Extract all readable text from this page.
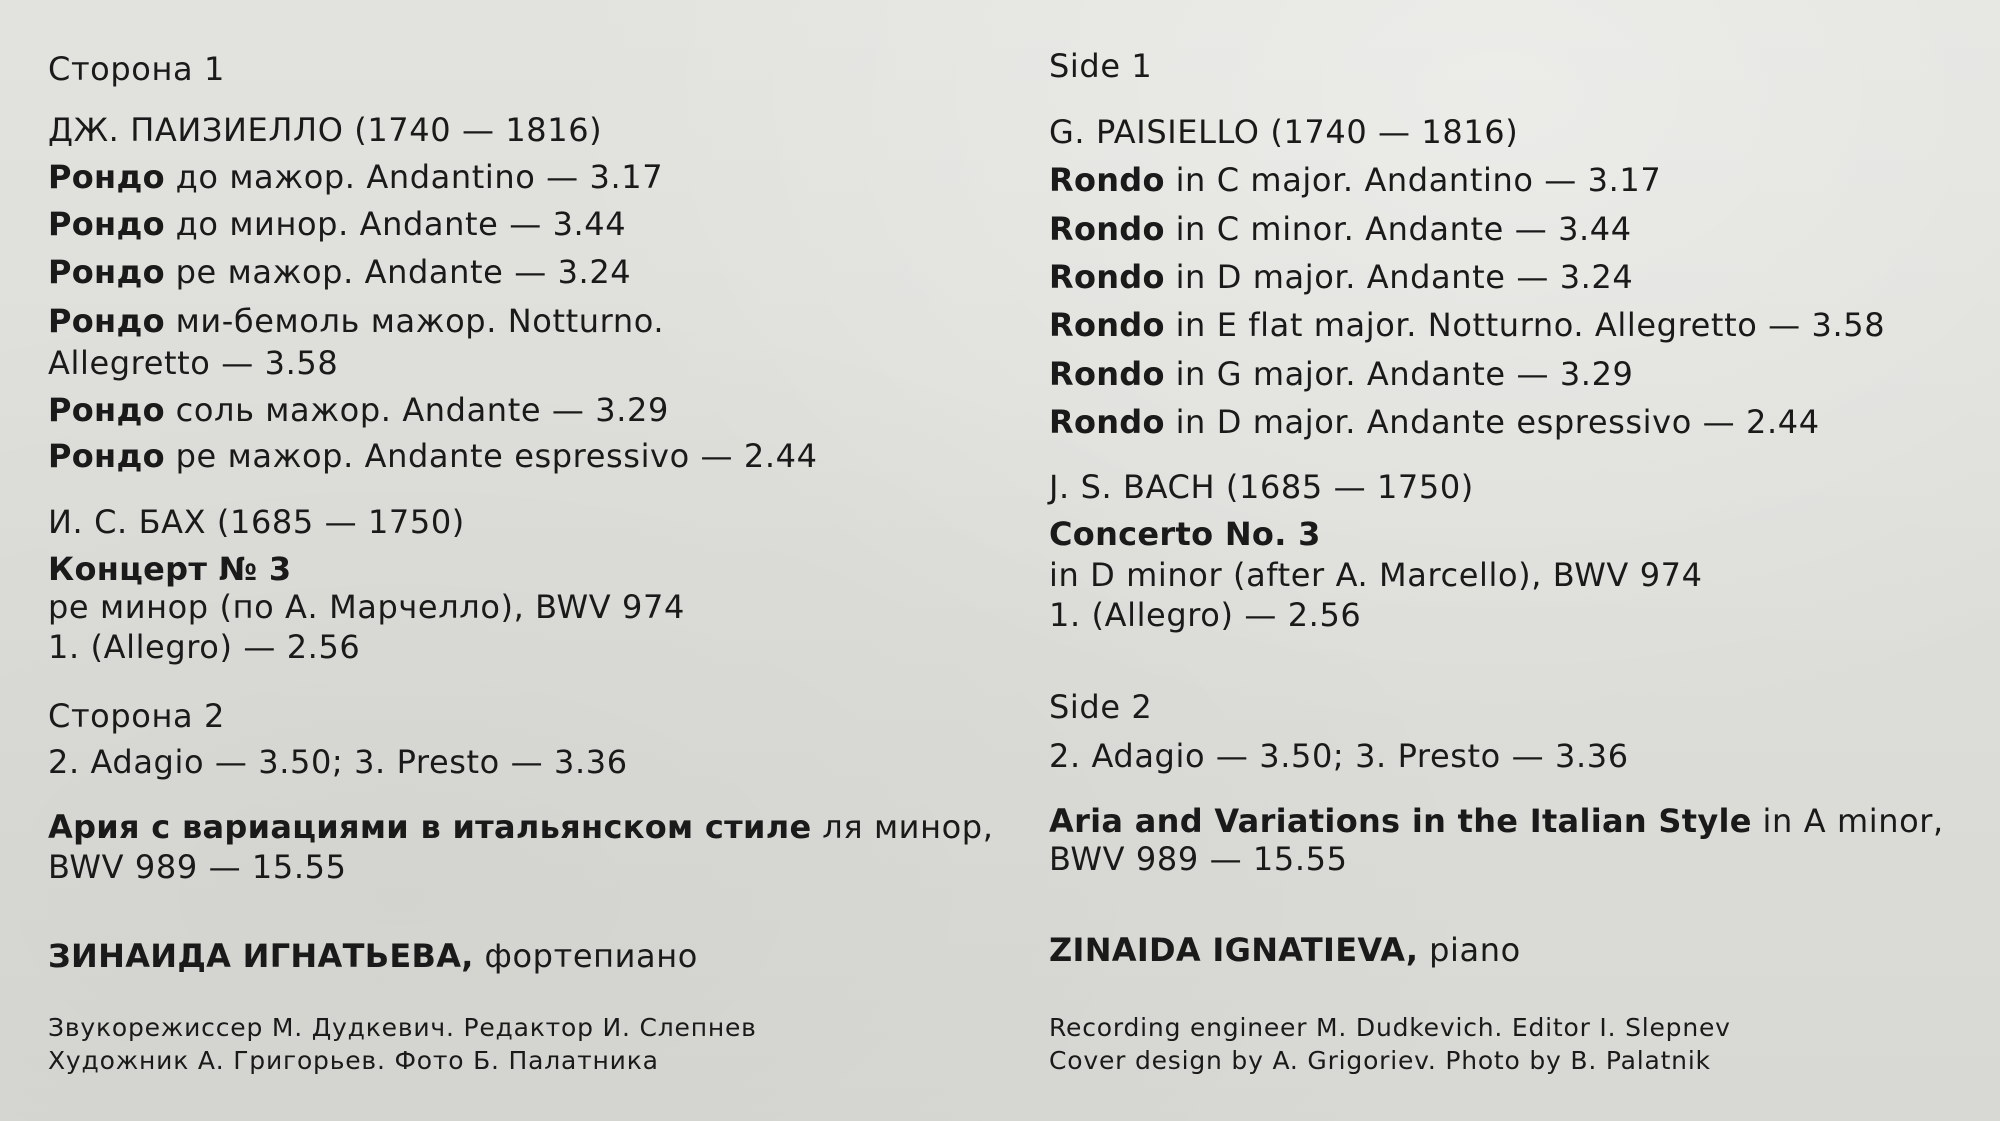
Сторона 1
ДЖ. ПАИЗИЕЛЛО (1740 — 1816)
Рондо до мажор. Andantino — 3.17
Рондо до минор. Andante — 3.44
Рондо ре мажор. Andante — 3.24
Рондо ми-бемоль мажор. Notturno.
Allegretto — 3.58
Рондо соль мажор. Andante — 3.29
Рондо ре мажор. Andante espressivo — 2.44
И. С. БАХ (1685 — 1750)
Концерт № 3
ре минор (по А. Марчелло), BWV 974
1. (Allegro) — 2.56
Сторона 2
2. Adagio — 3.50; 3. Presto — 3.36
Ария с вариациями в итальянском стиле ля минор,
BWV 989 — 15.55
ЗИНАИДА ИГНАТЬЕВА, фортепиано
Звукорежиссер М. Дудкевич. Редактор И. Слепнев
Художник А. Григорьев. Фото Б. Палатника
Side 1
G. PAISIELLO (1740 — 1816)
Rondo in C major. Andantino — 3.17
Rondo in C minor. Andante — 3.44
Rondo in D major. Andante — 3.24
Rondo in E flat major. Notturno. Allegretto — 3.58
Rondo in G major. Andante — 3.29
Rondo in D major. Andante espressivo — 2.44
J. S. BACH (1685 — 1750)
Concerto No. 3
in D minor (after A. Marcello), BWV 974
1. (Allegro) — 2.56
Side 2
2. Adagio — 3.50; 3. Presto — 3.36
Aria and Variations in the Italian Style in A minor,
BWV 989 — 15.55
ZINAIDA IGNATIEVA, piano
Recording engineer M. Dudkevich. Editor I. Slepnev
Cover design by A. Grigoriev. Photo by B. Palatnik
